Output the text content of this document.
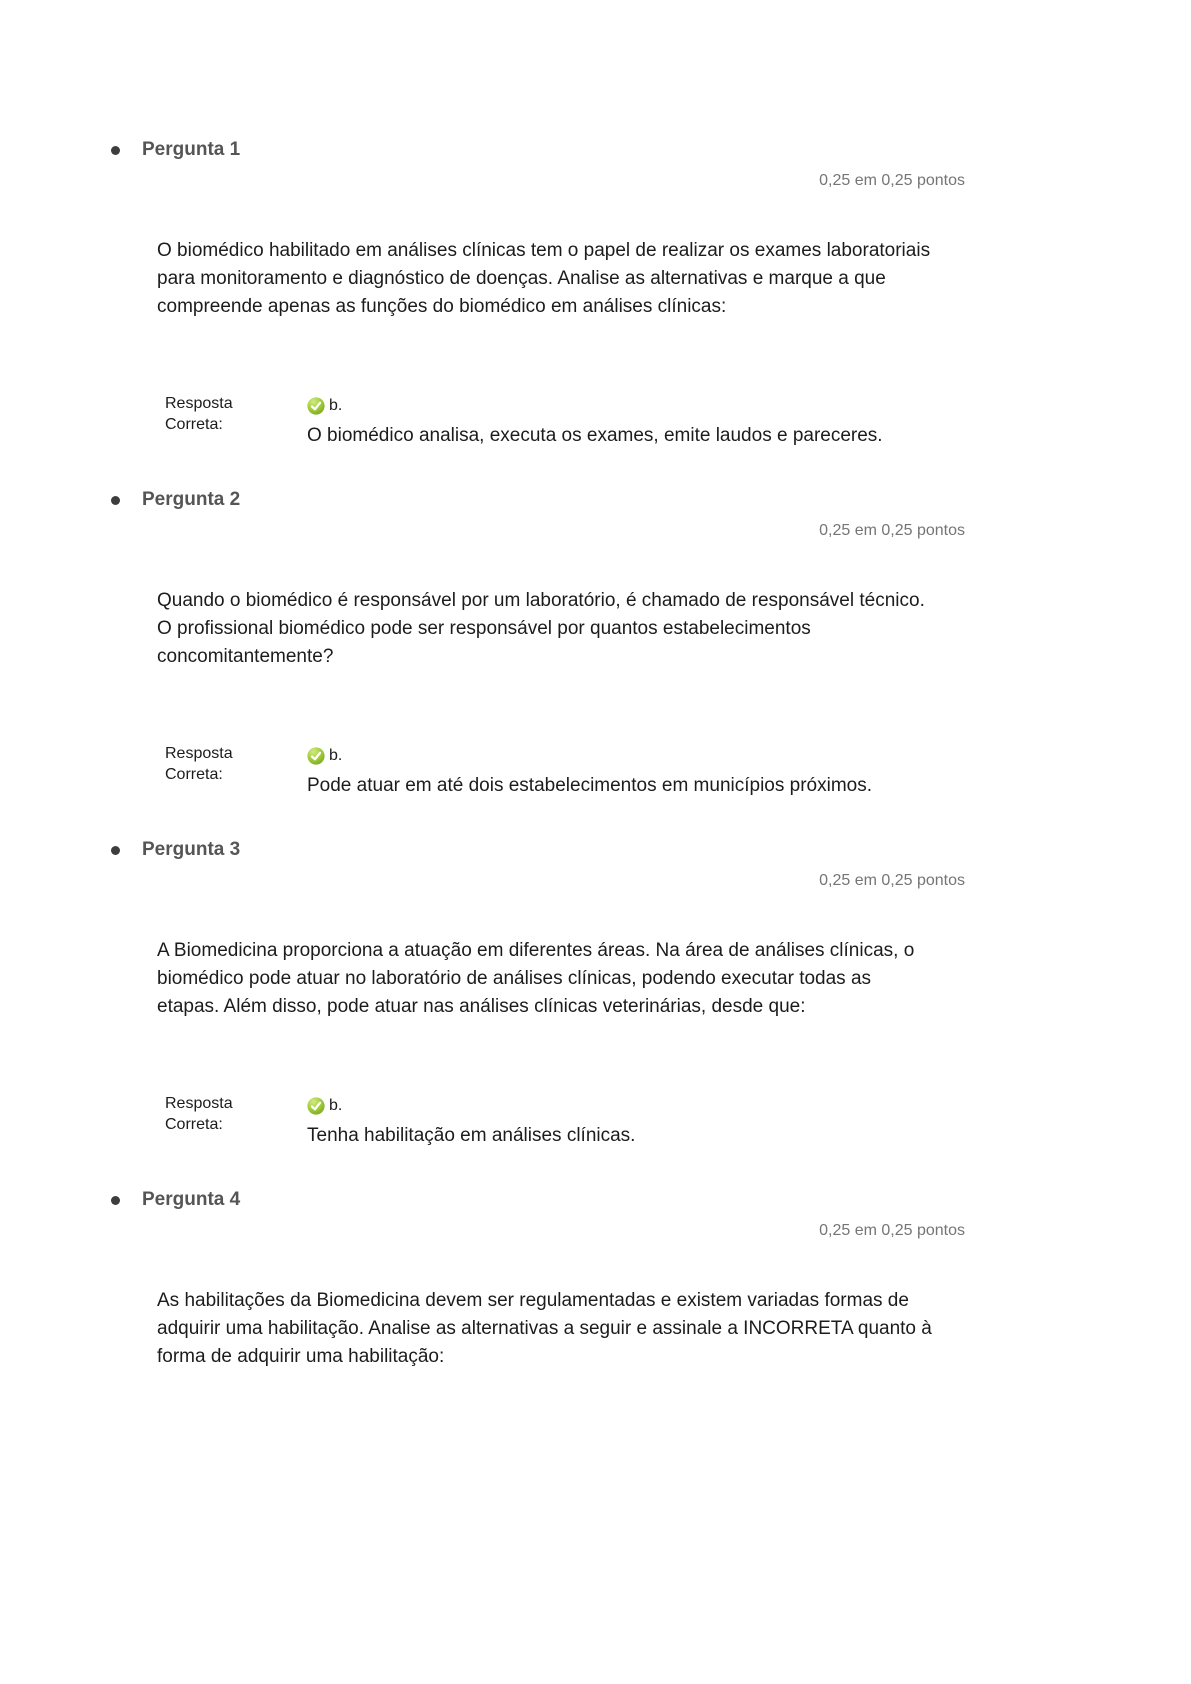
Pergunta 1
0,25 em 0,25 pontos
O biomédico habilitado em análises clínicas tem o papel de realizar os exames laboratoriais para monitoramento e diagnóstico de doenças. Analise as alternativas e marque a que compreende apenas as funções do biomédico em análises clínicas:
Resposta Correta:
b.
O biomédico analisa, executa os exames, emite laudos e pareceres.
Pergunta 2
0,25 em 0,25 pontos
Quando o biomédico é responsável por um laboratório, é chamado de responsável técnico. O profissional biomédico pode ser responsável por quantos estabelecimentos concomitantemente?
Resposta Correta:
b.
Pode atuar em até dois estabelecimentos em municípios próximos.
Pergunta 3
0,25 em 0,25 pontos
A Biomedicina proporciona a atuação em diferentes áreas. Na área de análises clínicas, o biomédico pode atuar no laboratório de análises clínicas, podendo executar todas as etapas. Além disso, pode atuar nas análises clínicas veterinárias, desde que:
Resposta Correta:
b.
Tenha habilitação em análises clínicas.
Pergunta 4
0,25 em 0,25 pontos
As habilitações da Biomedicina devem ser regulamentadas e existem variadas formas de adquirir uma habilitação. Analise as alternativas a seguir e assinale a INCORRETA quanto à forma de adquirir uma habilitação:
